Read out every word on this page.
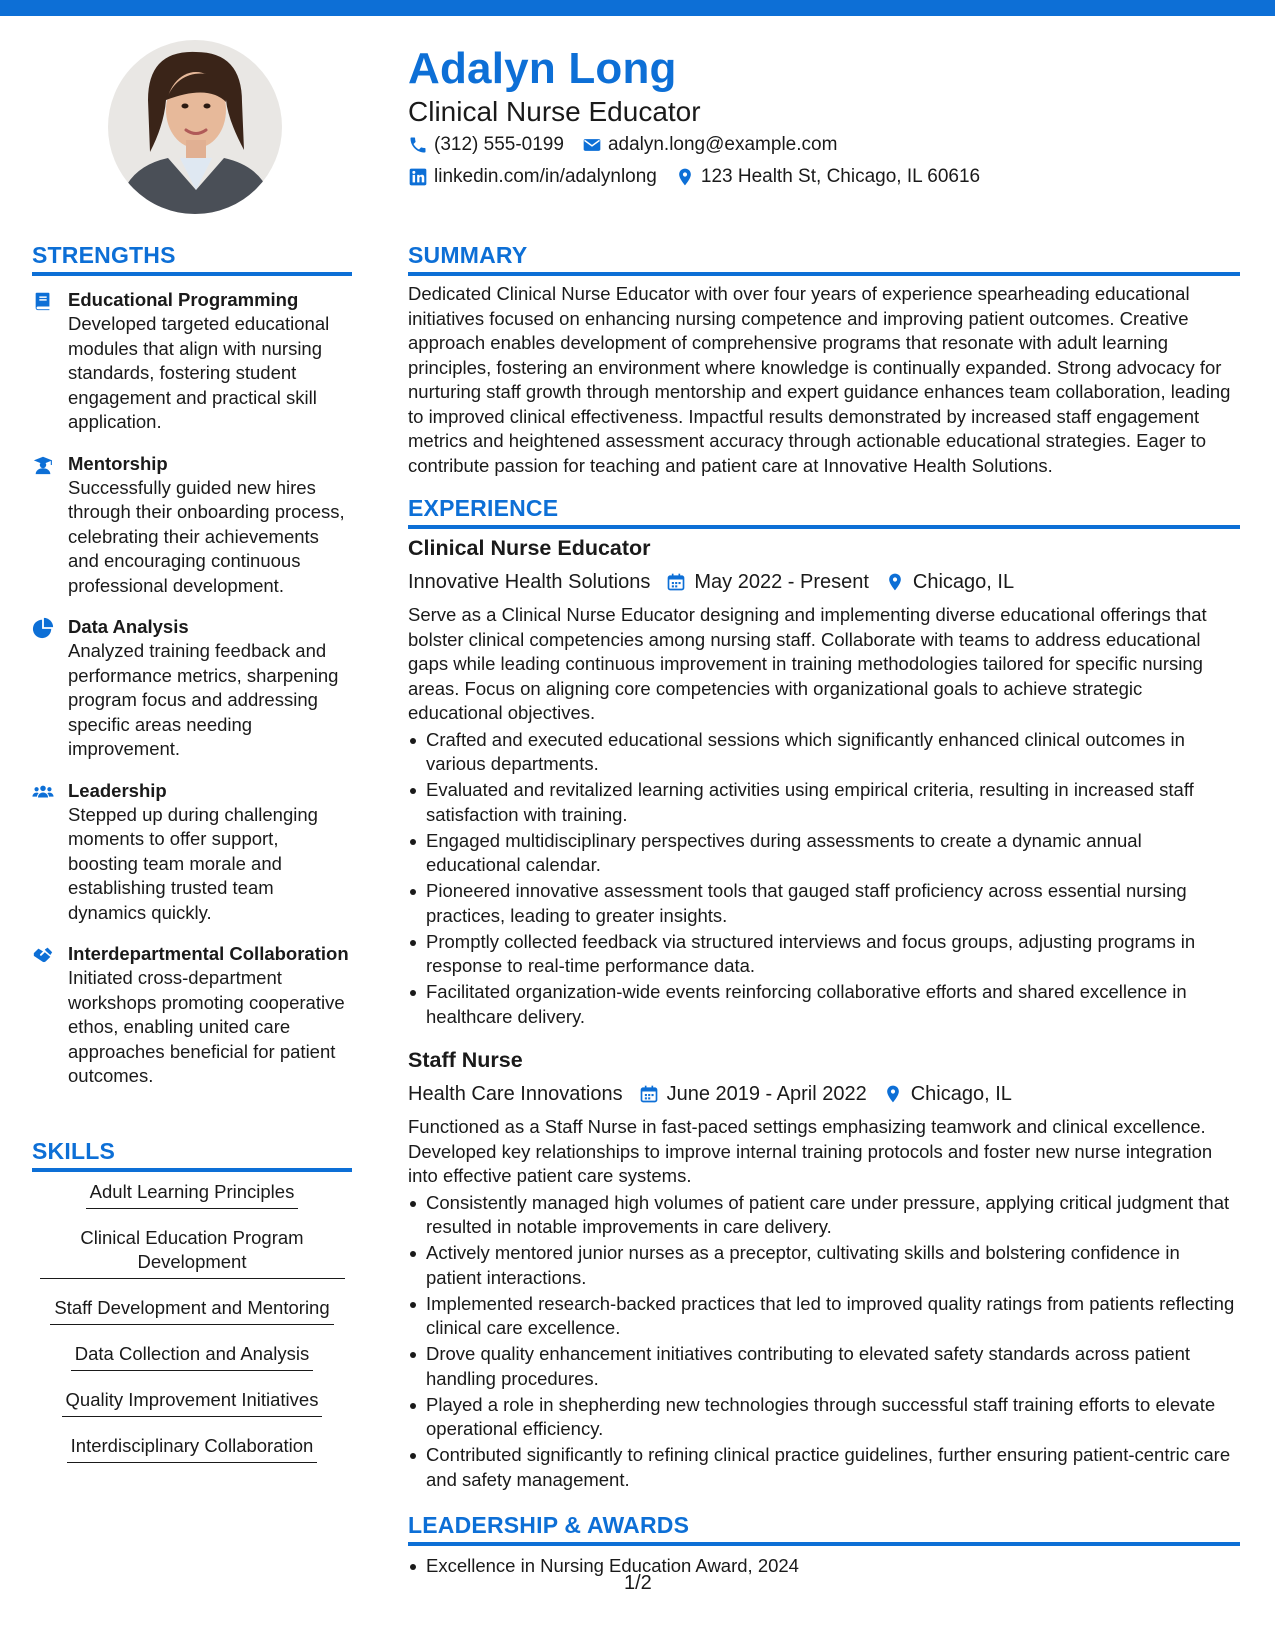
Adalyn Long
Clinical Nurse Educator
(312) 555-0199 adalyn.long@example.com
linkedin.com/in/adalynlong 123 Health St, Chicago, IL 60616
STRENGTHS
Educational Programming
Developed targeted educational modules that align with nursing standards, fostering student engagement and practical skill application.
Mentorship
Successfully guided new hires through their onboarding process, celebrating their achievements and encouraging continuous professional development.
Data Analysis
Analyzed training feedback and performance metrics, sharpening program focus and addressing specific areas needing improvement.
Leadership
Stepped up during challenging moments to offer support, boosting team morale and establishing trusted team dynamics quickly.
Interdepartmental Collaboration
Initiated cross-department workshops promoting cooperative ethos, enabling united care approaches beneficial for patient outcomes.
SKILLS
Adult Learning Principles
Clinical Education Program Development
Staff Development and Mentoring
Data Collection and Analysis
Quality Improvement Initiatives
Interdisciplinary Collaboration
SUMMARY
Dedicated Clinical Nurse Educator with over four years of experience spearheading educational initiatives focused on enhancing nursing competence and improving patient outcomes. Creative approach enables development of comprehensive programs that resonate with adult learning principles, fostering an environment where knowledge is continually expanded. Strong advocacy for nurturing staff growth through mentorship and expert guidance enhances team collaboration, leading to improved clinical effectiveness. Impactful results demonstrated by increased staff engagement metrics and heightened assessment accuracy through actionable educational strategies. Eager to contribute passion for teaching and patient care at Innovative Health Solutions.
EXPERIENCE
Clinical Nurse Educator
Innovative Health Solutions May 2022 - Present Chicago, IL
Serve as a Clinical Nurse Educator designing and implementing diverse educational offerings that bolster clinical competencies among nursing staff. Collaborate with teams to address educational gaps while leading continuous improvement in training methodologies tailored for specific nursing areas. Focus on aligning core competencies with organizational goals to achieve strategic educational objectives.
Crafted and executed educational sessions which significantly enhanced clinical outcomes in various departments.
Evaluated and revitalized learning activities using empirical criteria, resulting in increased staff satisfaction with training.
Engaged multidisciplinary perspectives during assessments to create a dynamic annual educational calendar.
Pioneered innovative assessment tools that gauged staff proficiency across essential nursing practices, leading to greater insights.
Promptly collected feedback via structured interviews and focus groups, adjusting programs in response to real-time performance data.
Facilitated organization-wide events reinforcing collaborative efforts and shared excellence in healthcare delivery.
Staff Nurse
Health Care Innovations June 2019 - April 2022 Chicago, IL
Functioned as a Staff Nurse in fast-paced settings emphasizing teamwork and clinical excellence. Developed key relationships to improve internal training protocols and foster new nurse integration into effective patient care systems.
Consistently managed high volumes of patient care under pressure, applying critical judgment that resulted in notable improvements in care delivery.
Actively mentored junior nurses as a preceptor, cultivating skills and bolstering confidence in patient interactions.
Implemented research-backed practices that led to improved quality ratings from patients reflecting clinical care excellence.
Drove quality enhancement initiatives contributing to elevated safety standards across patient handling procedures.
Played a role in shepherding new technologies through successful staff training efforts to elevate operational efficiency.
Contributed significantly to refining clinical practice guidelines, further ensuring patient-centric care and safety management.
LEADERSHIP & AWARDS
Excellence in Nursing Education Award, 2024
1/2
